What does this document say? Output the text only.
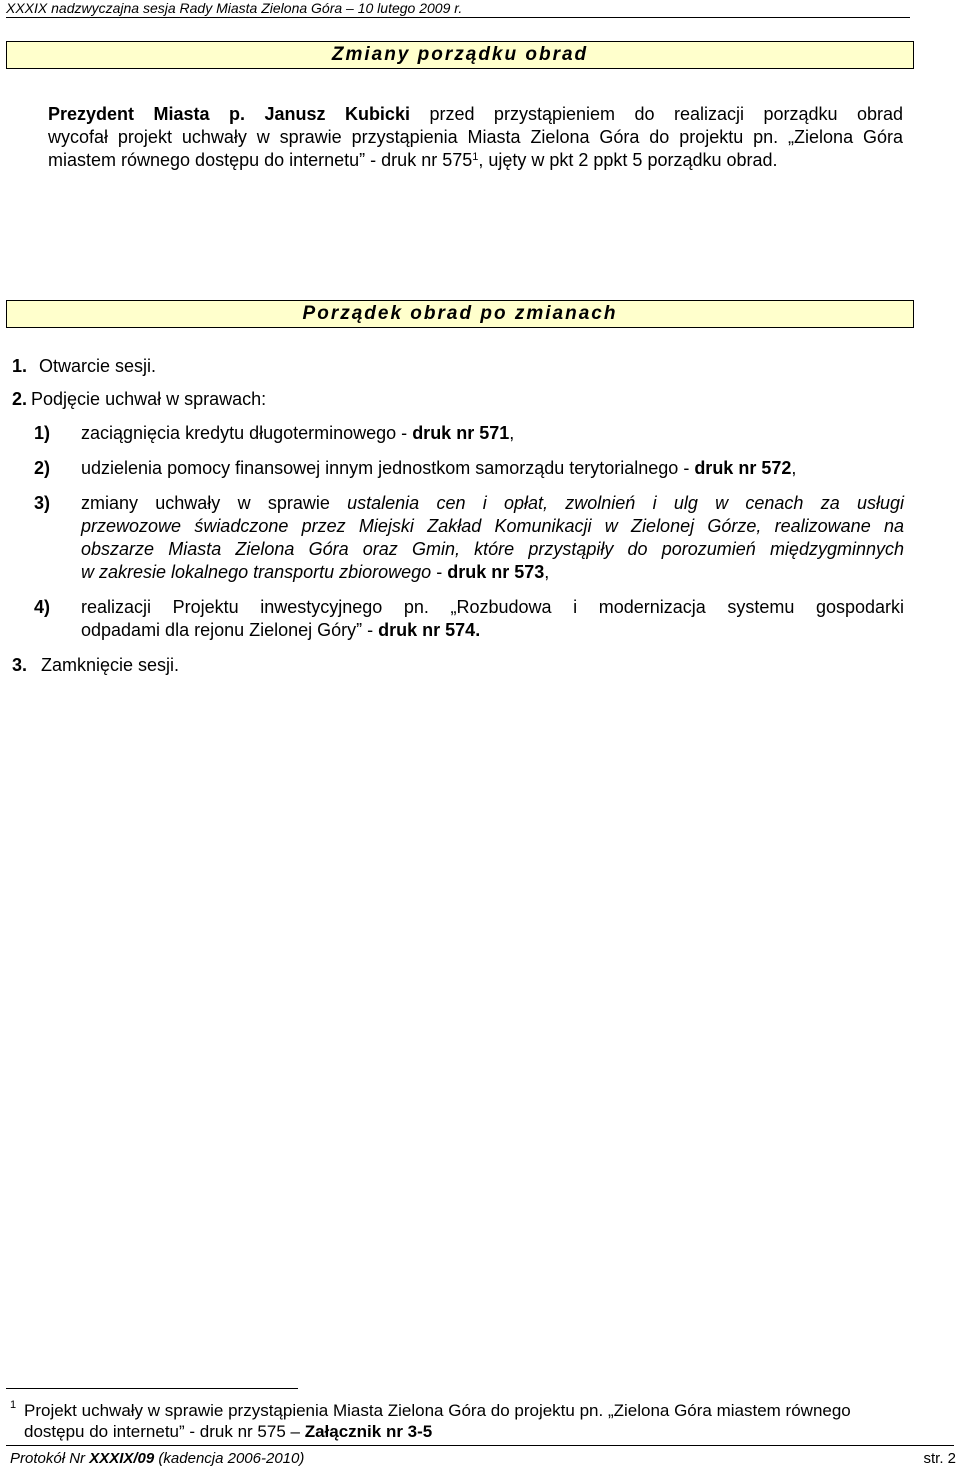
XXXIX nadzwyczajna sesja Rady Miasta Zielona Góra – 10 lutego 2009 r.
Zmiany porządku obrad
Prezydent Miasta p. Janusz Kubicki przed przystąpieniem do realizacji porządku obrad
wycofał projekt uchwały w sprawie przystąpienia Miasta Zielona Góra do projektu pn. „Zielona Góra
miastem równego dostępu do internetu” - druk nr $575^1$, ujęty w pkt 2 ppkt 5 porządku obrad.
Porządek obrad po zmianach
1. Otwarcie sesji.
2. Podjęcie uchwał w sprawach:
1) zaciągnięcia kredytu długoterminowego - druk nr 571,
2) udzielenia pomocy finansowej innym jednostkom samorządu terytorialnego - druk nr 572,
3) zmiany uchwały w sprawie ustalenia cen i opłat, zwolnień i ulg w cenach za usługi
przewozowe świadczone przez Miejski Zakład Komunikacji w Zielonej Górze, realizowane na
obszarze Miasta Zielona Góra oraz Gmin, które przystąpiły do porozumień międzygminnych
w zakresie lokalnego transportu zbiorowego - druk nr 573,
4) realizacji Projektu inwestycyjnego pn. „Rozbudowa i modernizacja systemu gospodarki
odpadami dla rejonu Zielonej Góry” - druk nr 574.
3. Zamknięcie sesji.
1 Projekt uchwały w sprawie przystąpienia Miasta Zielona Góra do projektu pn. „Zielona Góra miastem równego
dostępu do internetu” - druk nr 575 – Załącznik nr 3-5
Protokół Nr XXXIX/09 (kadencja 2006-2010)	str. 2
